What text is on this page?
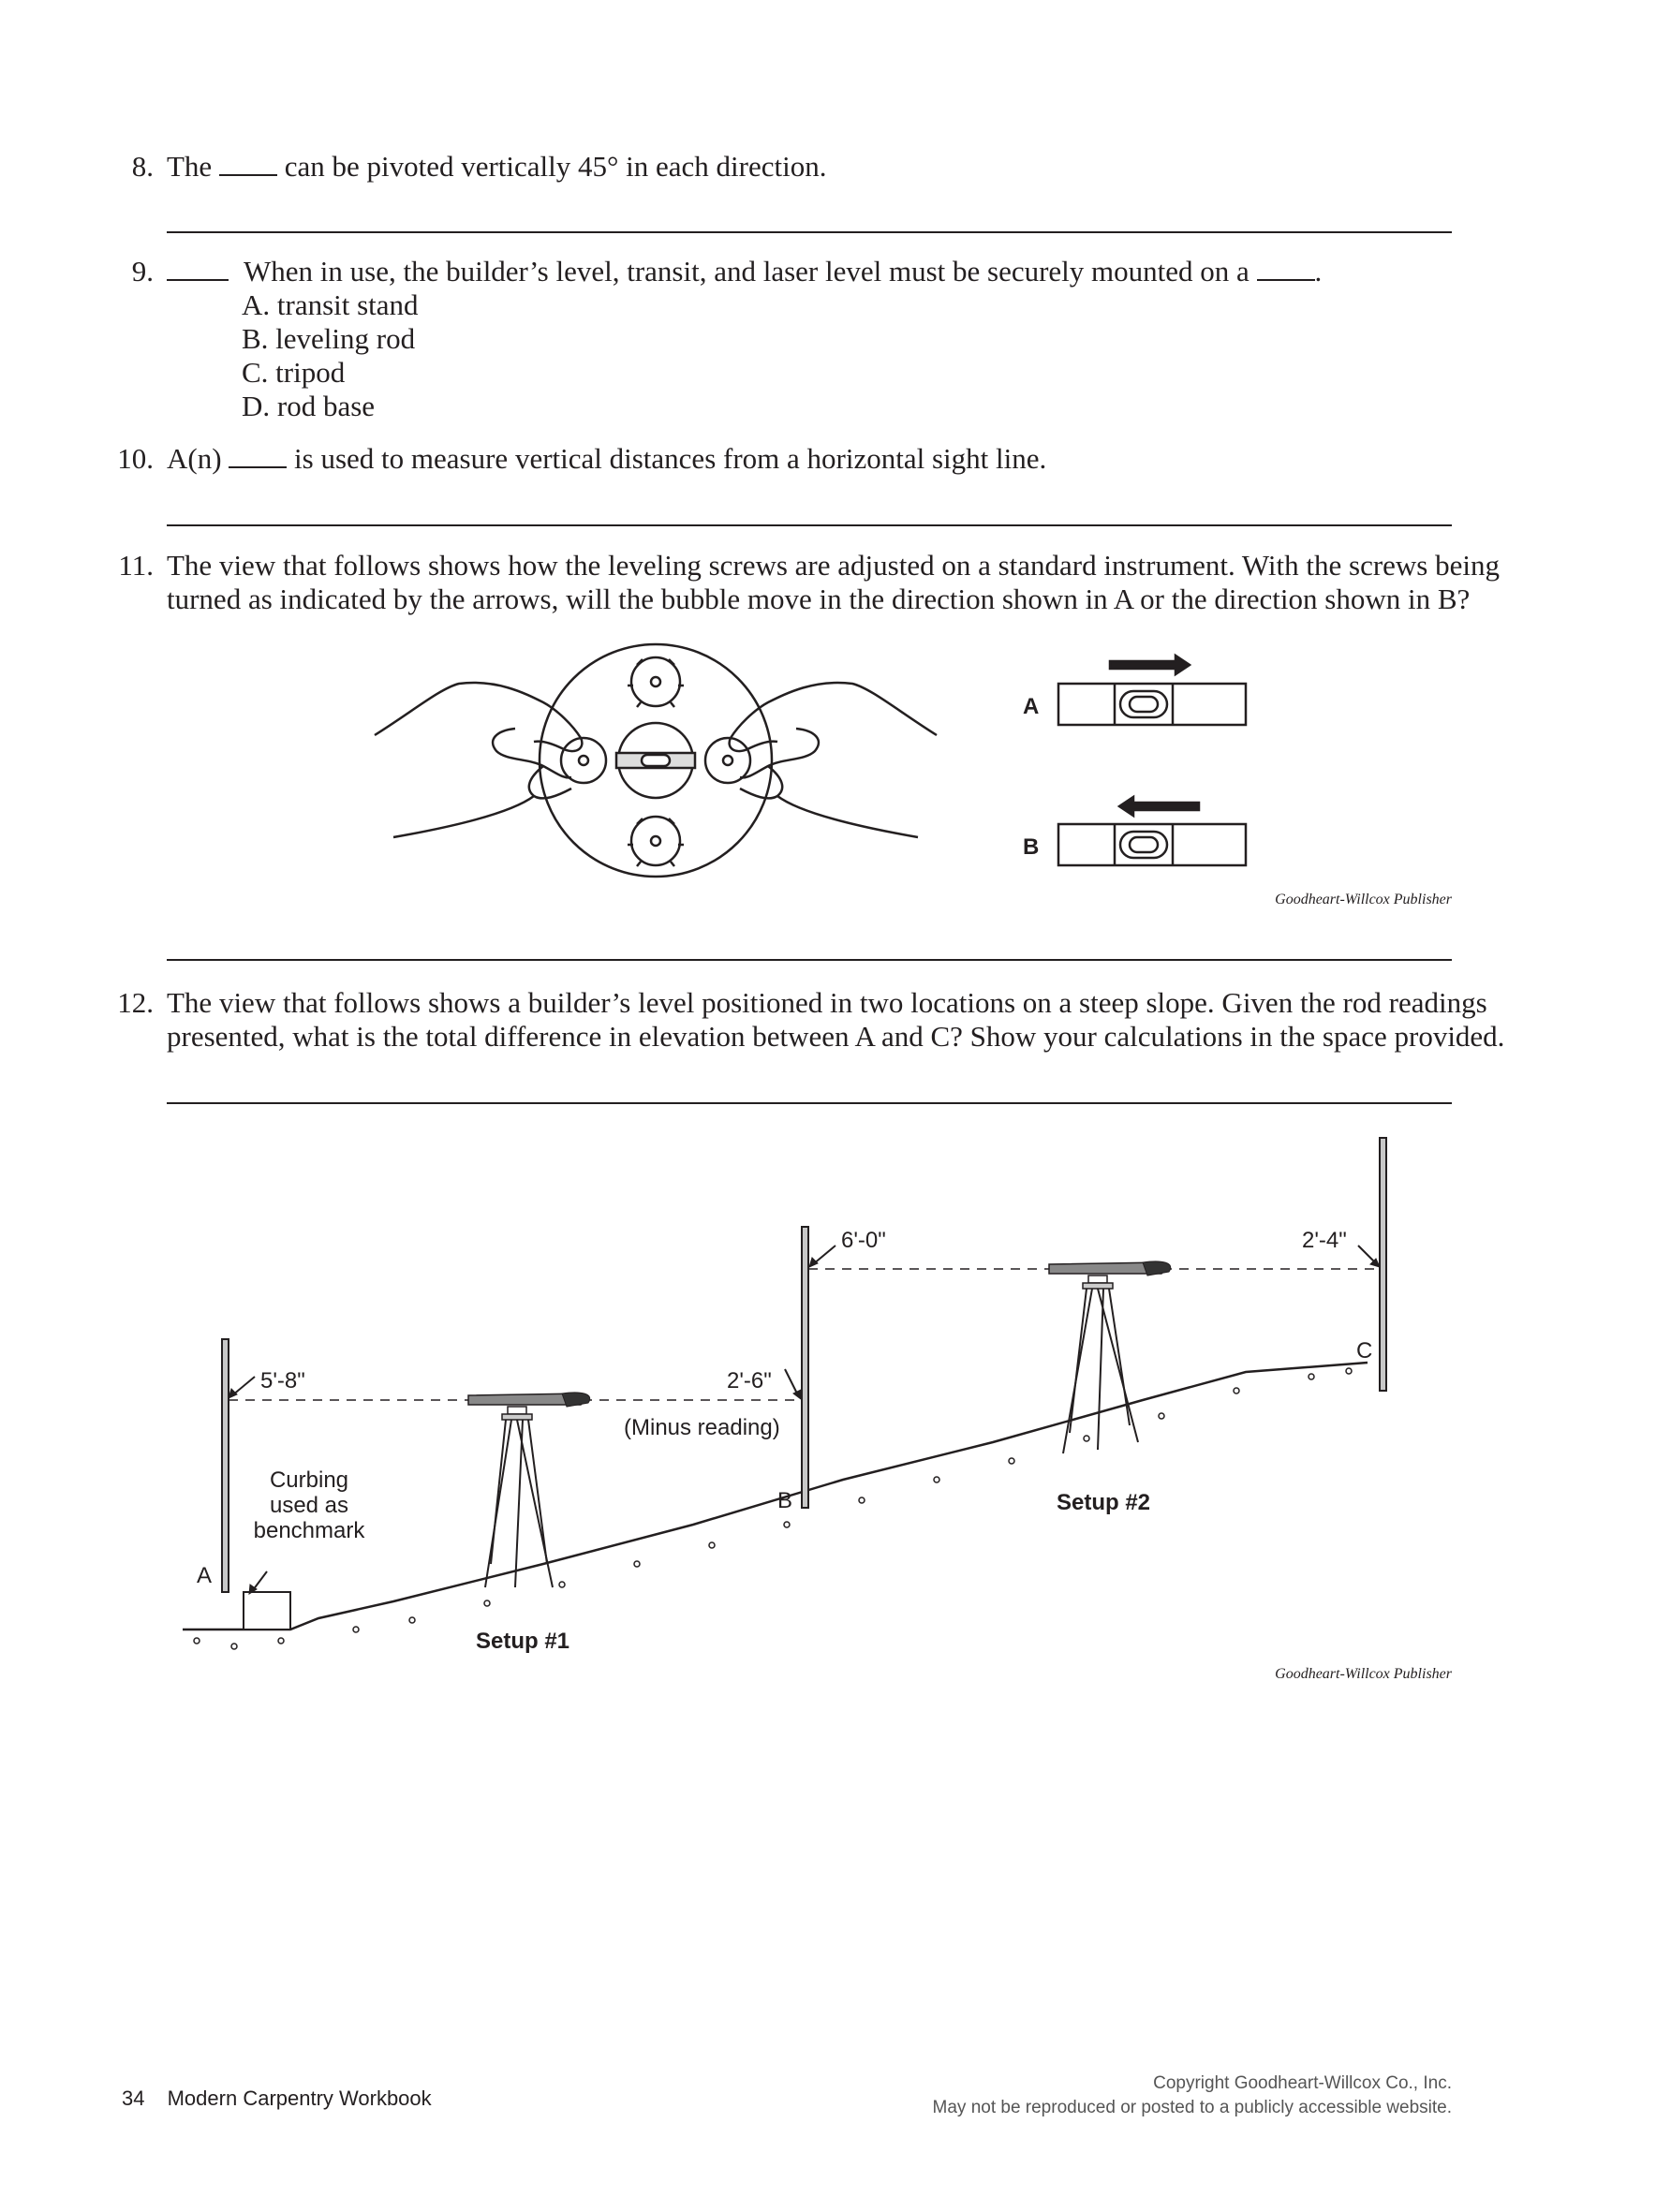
8. The	can be pivoted vertically 45° in each direction.
9.	When in use, the builder’s level, transit, and laser level must be securely mounted on a .
A. transit stand
B. leveling rod
C. tripod
D. rod base
10. A(n)	is used to measure vertical distances from a horizontal sight line.
11. The view that follows shows how the leveling screws are adjusted on a standard instrument. With the screws being
turned as indicated by the arrows, will the bubble move in the direction shown in A or the direction shown in B?
A
B
Goodheart-Willcox Publisher
12. The view that follows shows a builder’s level positioned in two locations on a steep slope. Given the rod readings
presented, what is the total difference in elevation between A and C? Show your calculations in the space provided.
5'-8"	2'-6"
(Minus reading)
6'-0"	2'-4"
Curbing
used as
benchmark
A
B
C
Setup #1
Setup #2
Goodheart-Willcox Publisher
34 Modern Carpentry Workbook
Copyright Goodheart-Willcox Co., Inc.
May not be reproduced or posted to a publicly accessible website.
